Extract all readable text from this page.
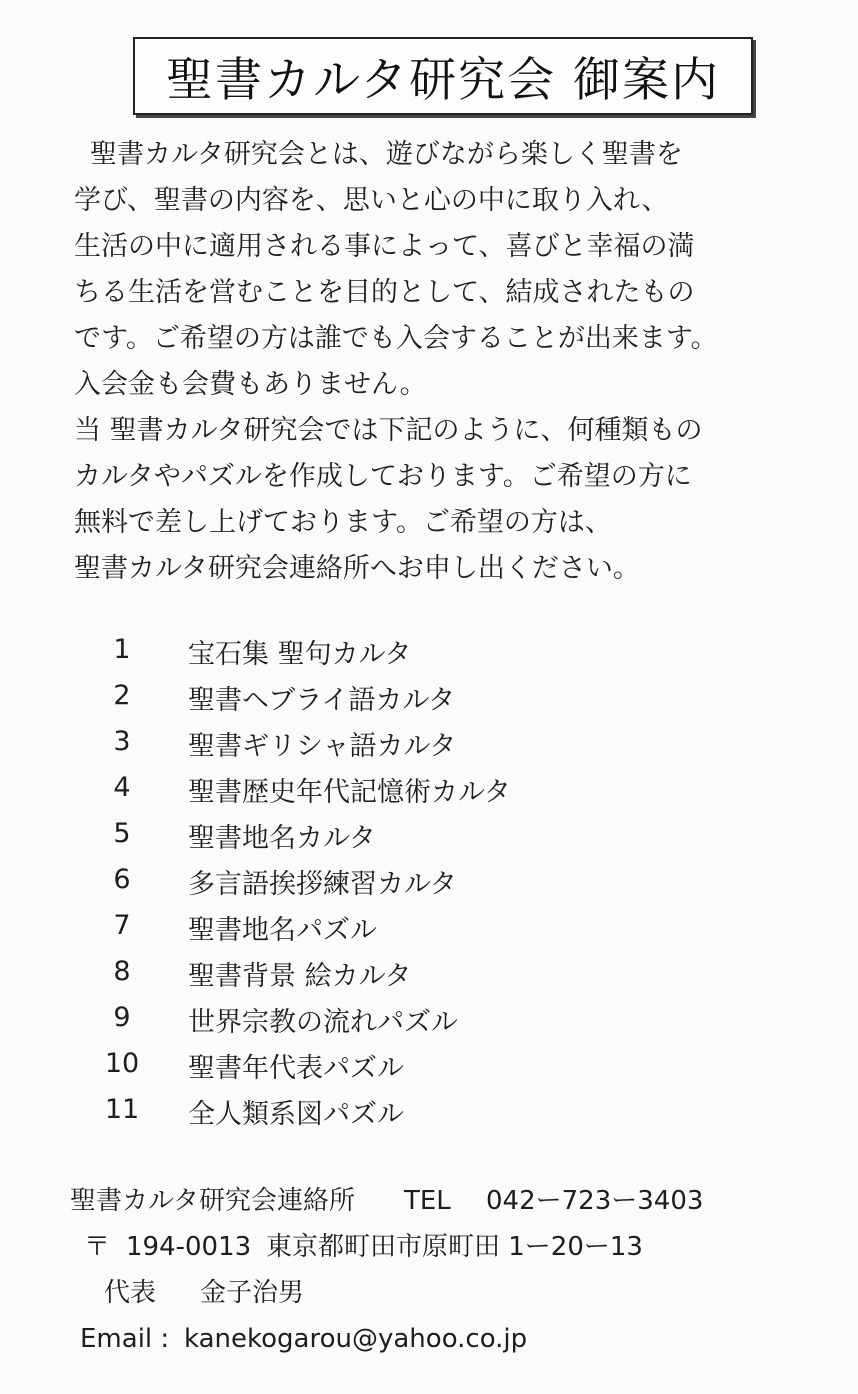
聖書カルタ研究会 御案内
聖書カルタ研究会とは、遊びながら楽しく聖書を
学び、聖書の内容を、思いと心の中に取り入れ、
生活の中に適用される事によって、喜びと幸福の満
ちる生活を営むことを目的として、結成されたもの
です。ご希望の方は誰でも入会することが出来ます。
入会金も会費もありません。
当 聖書カルタ研究会では下記のように、何種類もの
カルタやパズルを作成しております。ご希望の方に
無料で差し上げております。ご希望の方は、
聖書カルタ研究会連絡所へお申し出ください。
1	宝石集 聖句カルタ
2	聖書ヘブライ語カルタ
3	聖書ギリシャ語カルタ
4	聖書歴史年代記憶術カルタ
5	聖書地名カルタ
6	多言語挨拶練習カルタ
7	聖書地名パズル
8	聖書背景 絵カルタ
9	世界宗教の流れパズル
10 聖書年代表パズル
11 全人類系図パズル
聖書カルタ研究会連絡所 TEL 042ー723ー3403
〒 194-0013 東京都町田市原町田 1ー20ー13
代表 金子治男
Email : kanekogarou@yahoo.co.jp
